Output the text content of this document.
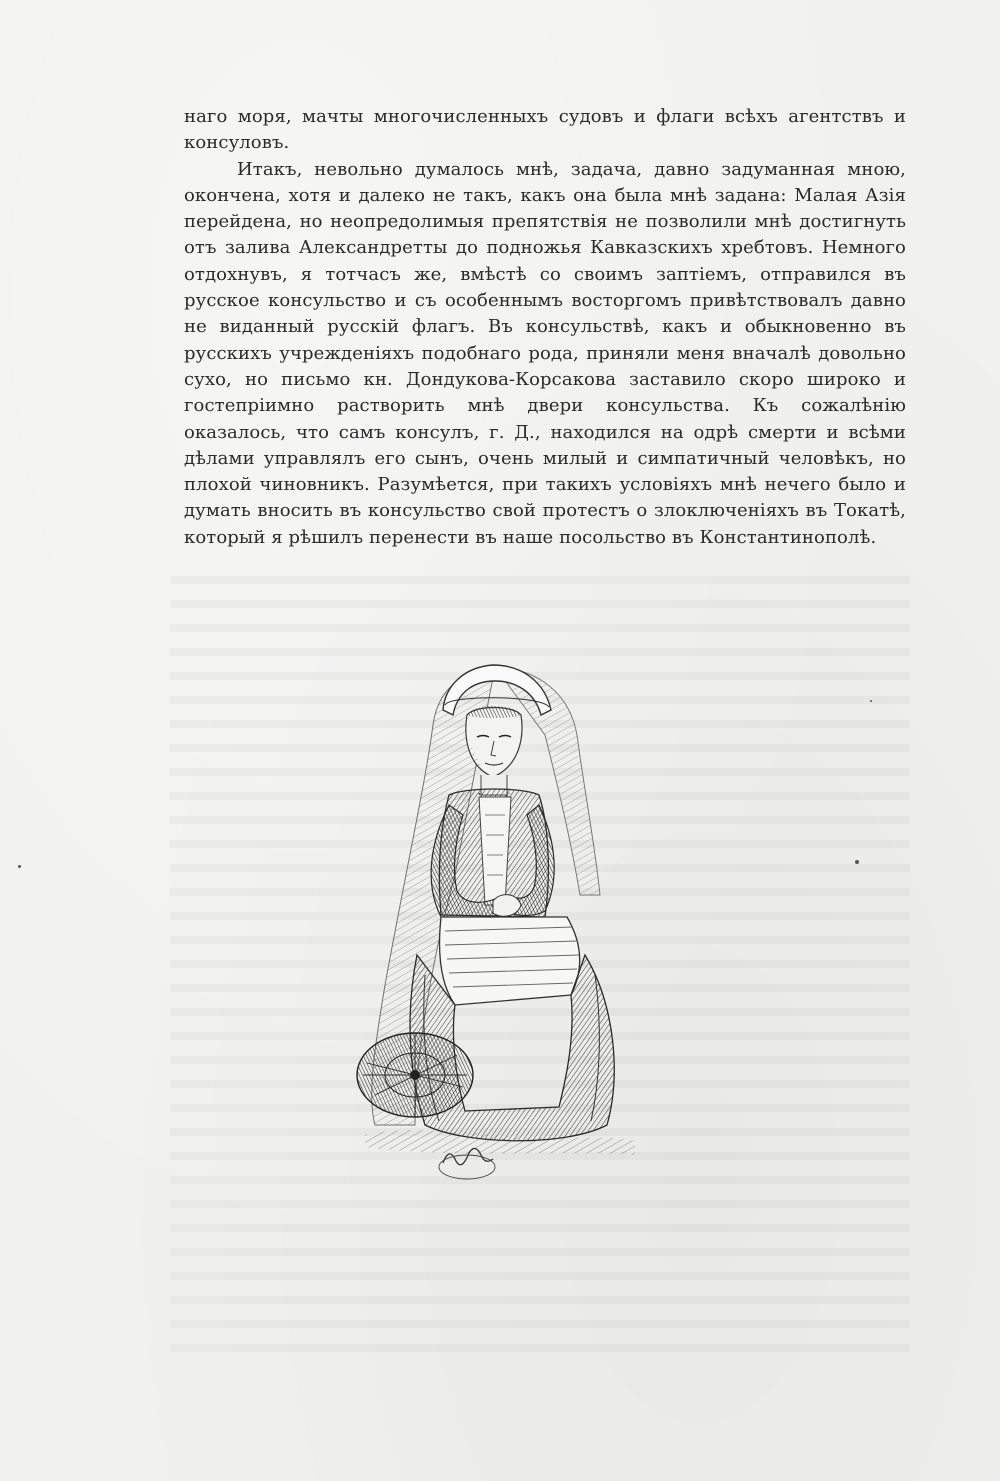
наго моря, мачты многочисленныхъ судовъ и флаги всѣхъ агентствъ и консуловъ.

Итакъ, невольно думалось мнѣ, задача, давно задуманная мною, окончена, хотя и далеко не такъ, какъ она была мнѣ задана: Малая Азія перейдена, но неопредолимыя препятствія не позволили мнѣ достигнуть отъ залива Александретты до подножья Кавказскихъ хребтовъ. Немного отдохнувъ, я тотчасъ же, вмѣстѣ со своимъ заптіемъ, отправился въ русское консульство и съ особеннымъ восторгомъ привѣтствовалъ давно не виданный русскій флагъ. Въ консульствѣ, какъ и обыкновенно въ русскихъ учрежденіяхъ подобнаго рода, приняли меня вначалѣ довольно сухо, но письмо кн. Дондукова-Корсакова заставило скоро широко и гостепріимно растворить мнѣ двери консульства. Къ сожалѣнію оказалось, что самъ консулъ, г. Д., находился на одрѣ смерти и всѣми дѣлами управлялъ его сынъ, очень милый и симпатичный человѣкъ, но плохой чиновникъ. Разумѣется, при такихъ условіяхъ мнѣ нечего было и думать вносить въ консульство свой протестъ о злоключеніяхъ въ Токатѣ, который я рѣшилъ перенести въ наше посольство въ Константинополѣ.
